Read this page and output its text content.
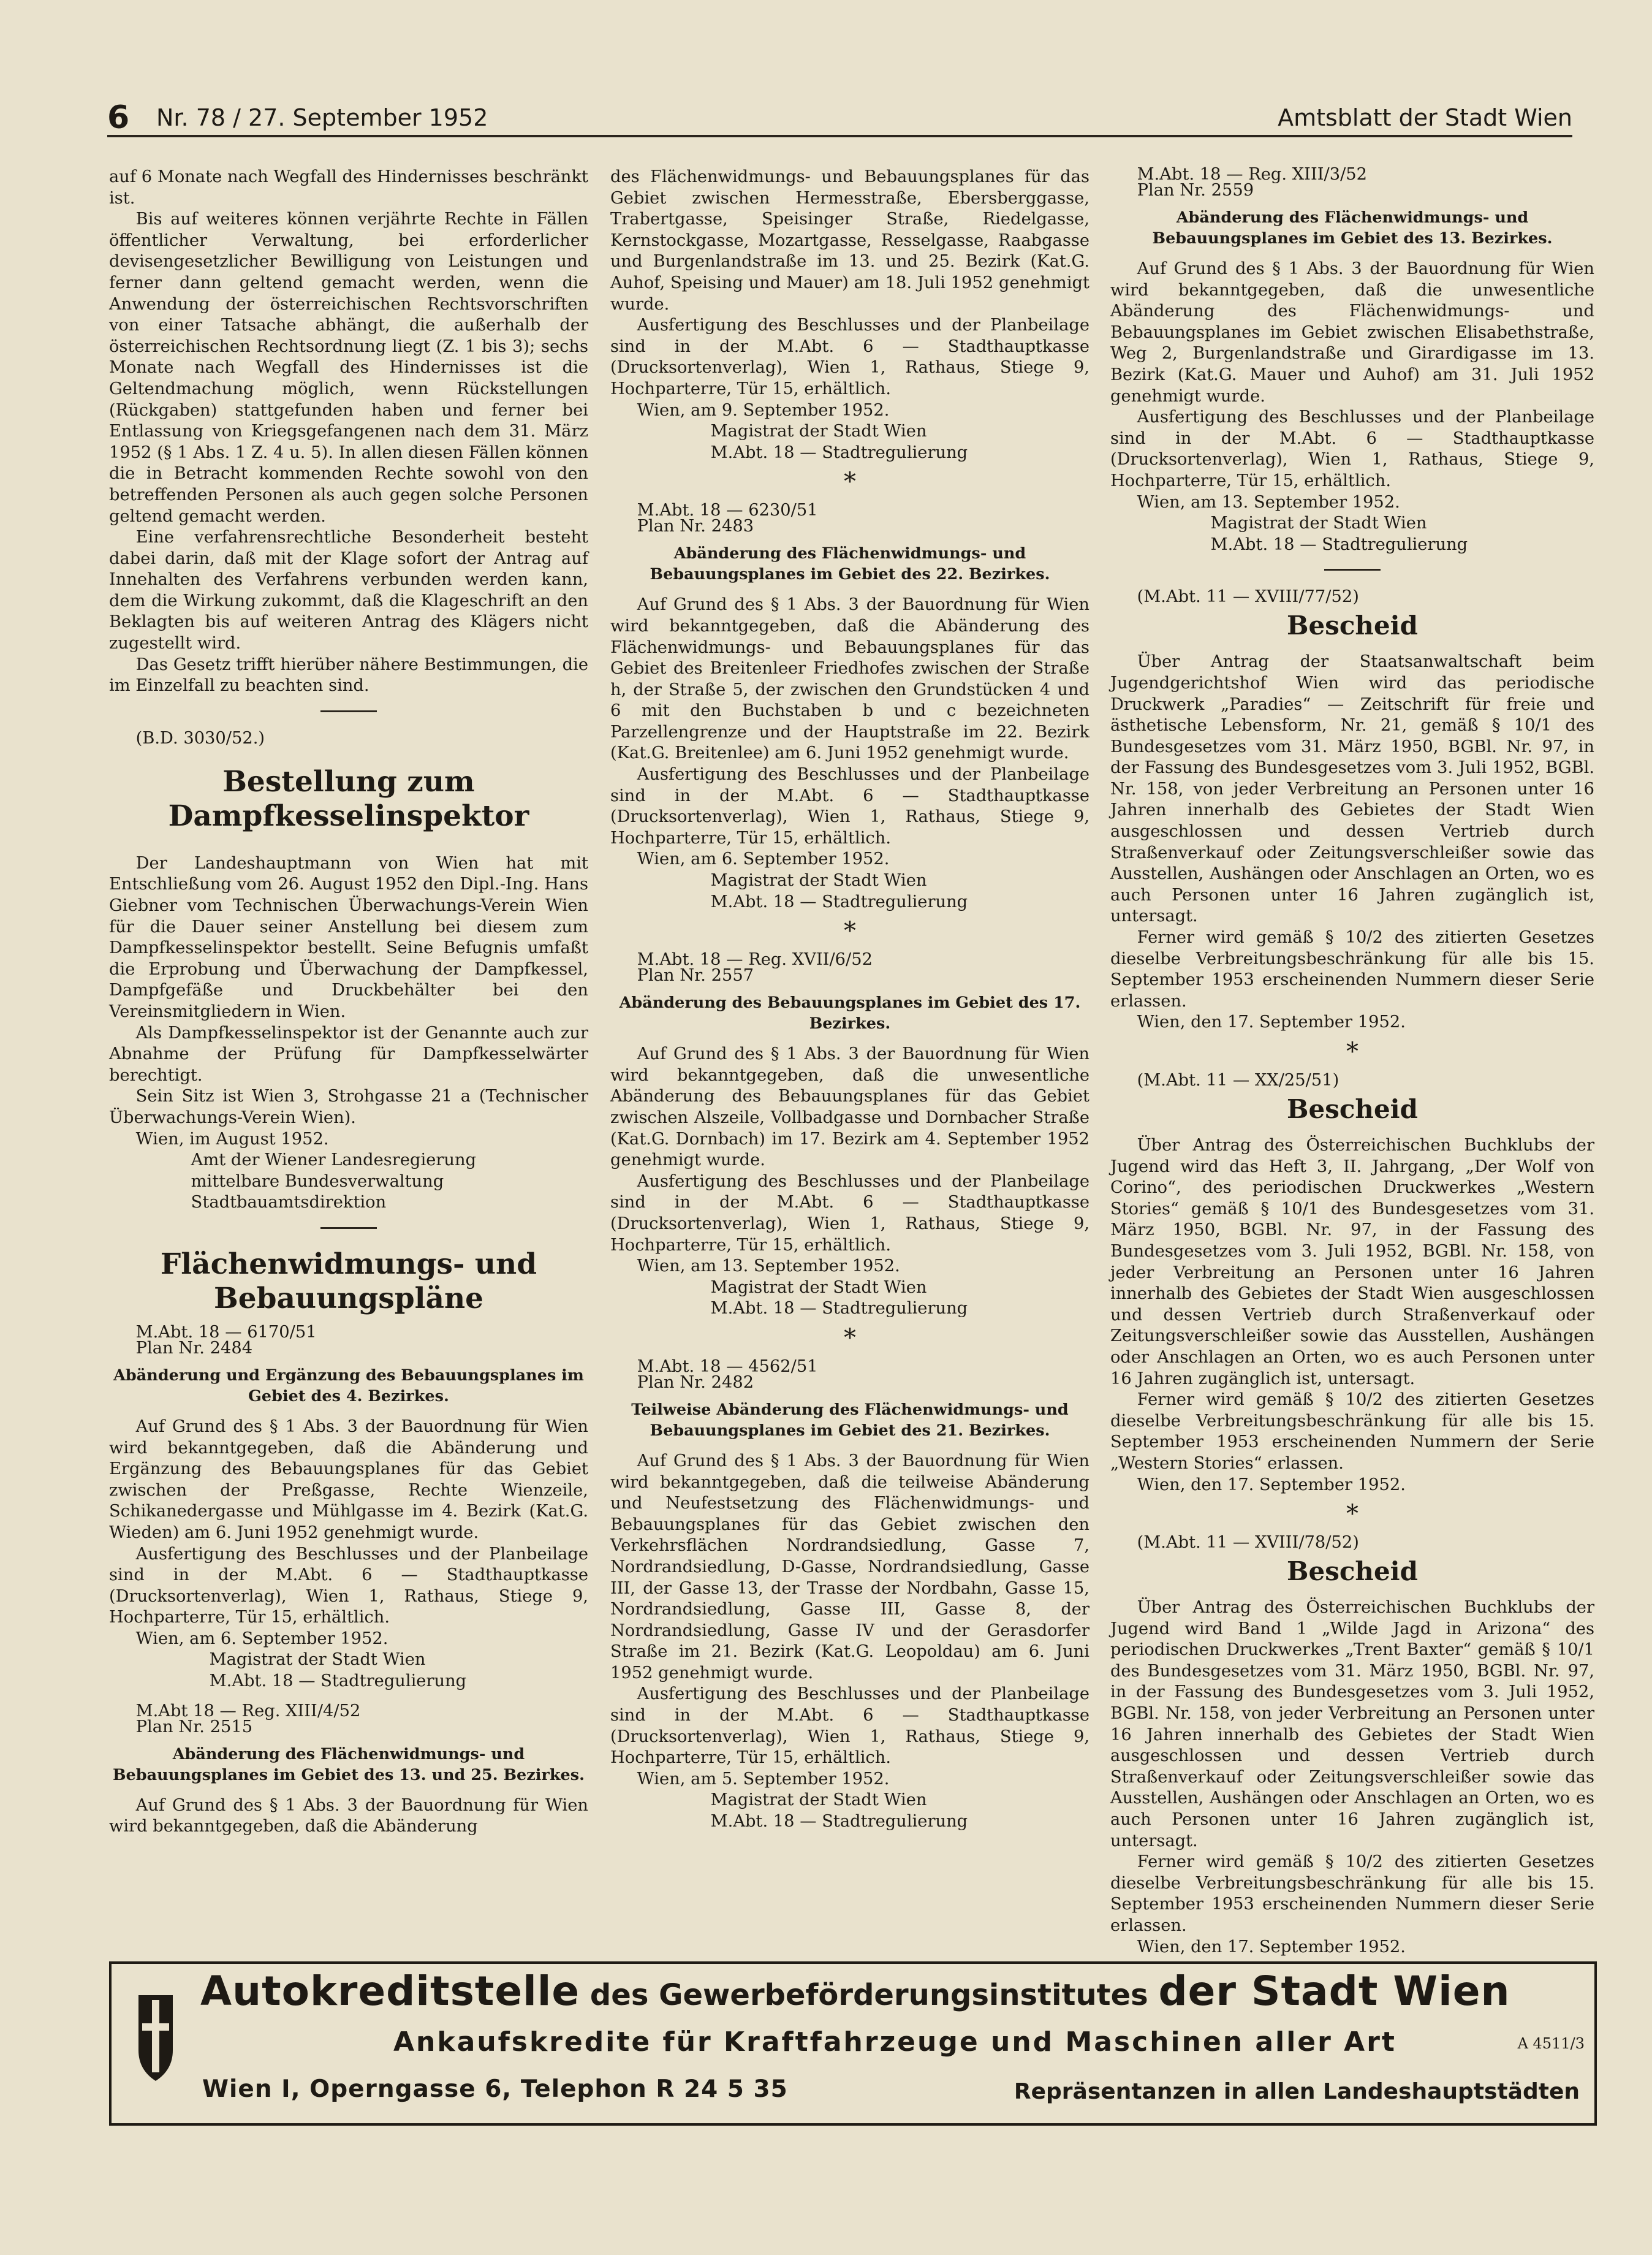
6 Nr. 78 / 27. September 1952	Amtsblatt der Stadt Wien

auf 6 Monate nach Wegfall des Hindernisses beschränkt ist.

Bis auf weiteres können verjährte Rechte in Fällen öffentlicher Verwaltung, bei erforderlicher devisengesetzlicher Bewilligung von Leistungen und ferner dann geltend gemacht werden, wenn die Anwendung der österreichischen Rechtsvorschriften von einer Tatsache abhängt, die außerhalb der österreichischen Rechtsordnung liegt (Z. 1 bis 3); sechs Monate nach Wegfall des Hindernisses ist die Geltendmachung möglich, wenn Rückstellungen (Rückgaben) stattgefunden haben und ferner bei Entlassung von Kriegsgefangenen nach dem 31. März 1952 (§ 1 Abs. 1 Z. 4 u. 5). In allen diesen Fällen können die in Betracht kommenden Rechte sowohl von den betreffenden Personen als auch gegen solche Personen geltend gemacht werden.

Eine verfahrensrechtliche Besonderheit besteht dabei darin, daß mit der Klage sofort der Antrag auf Innehalten des Verfahrens verbunden werden kann, dem die Wirkung zukommt, daß die Klageschrift an den Beklagten bis auf weiteren Antrag des Klägers nicht zugestellt wird.

Das Gesetz trifft hierüber nähere Bestimmungen, die im Einzelfall zu beachten sind.

(B.D. 3030/52.)

Bestellung zum Dampfkesselinspektor

Der Landeshauptmann von Wien hat mit Entschließung vom 26. August 1952 den Dipl.-Ing. Hans Giebner vom Technischen Überwachungs-Verein Wien für die Dauer seiner Anstellung bei diesem zum Dampfkesselinspektor bestellt. Seine Befugnis umfaßt die Erprobung und Überwachung der Dampfkessel, Dampfgefäße und Druckbehälter bei den Vereinsmitgliedern in Wien.

Als Dampfkesselinspektor ist der Genannte auch zur Abnahme der Prüfung für Dampfkesselwärter berechtigt.

Sein Sitz ist Wien 3, Strohgasse 21 a (Technischer Überwachungs-Verein Wien).

Wien, im August 1952.

Amt der Wiener Landesregierung

mittelbare Bundesverwaltung

Stadtbauamtsdirektion

Flächenwidmungs- und Bebauungspläne

M.Abt. 18 — 6170/51

Plan Nr. 2484

Abänderung und Ergänzung des Bebauungsplanes im Gebiet des 4. Bezirkes.

Auf Grund des § 1 Abs. 3 der Bauordnung für Wien wird bekanntgegeben, daß die Abänderung und Ergänzung des Bebauungsplanes für das Gebiet zwischen der Preßgasse, Rechte Wienzeile, Schikanedergasse und Mühlgasse im 4. Bezirk (Kat.G. Wieden) am 6. Juni 1952 genehmigt wurde.

Ausfertigung des Beschlusses und der Planbeilage sind in der M.Abt. 6 — Stadthauptkasse (Drucksortenverlag), Wien 1, Rathaus, Stiege 9, Hochparterre, Tür 15, erhältlich.

Wien, am 6. September 1952.

Magistrat der Stadt Wien

M.Abt. 18 — Stadtregulierung

M.Abt 18 — Reg. XIII/4/52

Plan Nr. 2515

Abänderung des Flächenwidmungs- und Bebauungsplanes im Gebiet des 13. und 25. Bezirkes.

Auf Grund des § 1 Abs. 3 der Bauordnung für Wien wird bekanntgegeben, daß die Abänderung

des Flächenwidmungs- und Bebauungsplanes für das Gebiet zwischen Hermesstraße, Ebersberggasse, Trabertgasse, Speisinger Straße, Riedelgasse, Kernstockgasse, Mozartgasse, Resselgasse, Raabgasse und Burgenlandstraße im 13. und 25. Bezirk (Kat.G. Auhof, Speising und Mauer) am 18. Juli 1952 genehmigt wurde.

Ausfertigung des Beschlusses und der Planbeilage sind in der M.Abt. 6 — Stadthauptkasse (Drucksortenverlag), Wien 1, Rathaus, Stiege 9, Hochparterre, Tür 15, erhältlich.

Wien, am 9. September 1952.

Magistrat der Stadt Wien

M.Abt. 18 — Stadtregulierung

*

M.Abt. 18 — 6230/51

Plan Nr. 2483

Abänderung des Flächenwidmungs- und Bebauungsplanes im Gebiet des 22. Bezirkes.

Auf Grund des § 1 Abs. 3 der Bauordnung für Wien wird bekanntgegeben, daß die Abänderung des Flächenwidmungs- und Bebauungsplanes für das Gebiet des Breitenleer Friedhofes zwischen der Straße h, der Straße 5, der zwischen den Grundstücken 4 und 6 mit den Buchstaben b und c bezeichneten Parzellengrenze und der Hauptstraße im 22. Bezirk (Kat.G. Breitenlee) am 6. Juni 1952 genehmigt wurde.

Ausfertigung des Beschlusses und der Planbeilage sind in der M.Abt. 6 — Stadthauptkasse (Drucksortenverlag), Wien 1, Rathaus, Stiege 9, Hochparterre, Tür 15, erhältlich.

Wien, am 6. September 1952.

Magistrat der Stadt Wien

M.Abt. 18 — Stadtregulierung

*

M.Abt. 18 — Reg. XVII/6/52

Plan Nr. 2557

Abänderung des Bebauungsplanes im Gebiet des 17. Bezirkes.

Auf Grund des § 1 Abs. 3 der Bauordnung für Wien wird bekanntgegeben, daß die unwesentliche Abänderung des Bebauungsplanes für das Gebiet zwischen Alszeile, Vollbadgasse und Dornbacher Straße (Kat.G. Dornbach) im 17. Bezirk am 4. September 1952 genehmigt wurde.

Ausfertigung des Beschlusses und der Planbeilage sind in der M.Abt. 6 — Stadthauptkasse (Drucksortenverlag), Wien 1, Rathaus, Stiege 9, Hochparterre, Tür 15, erhältlich.

Wien, am 13. September 1952.

Magistrat der Stadt Wien

M.Abt. 18 — Stadtregulierung

*

M.Abt. 18 — 4562/51

Plan Nr. 2482

Teilweise Abänderung des Flächenwidmungs- und Bebauungsplanes im Gebiet des 21. Bezirkes.

Auf Grund des § 1 Abs. 3 der Bauordnung für Wien wird bekanntgegeben, daß die teilweise Abänderung und Neufestsetzung des Flächenwidmungs- und Bebauungsplanes für das Gebiet zwischen den Verkehrsflächen Nordrandsiedlung, Gasse 7, Nordrandsiedlung, D-Gasse, Nordrandsiedlung, Gasse III, der Gasse 13, der Trasse der Nordbahn, Gasse 15, Nordrandsiedlung, Gasse III, Gasse 8, der Nordrandsiedlung, Gasse IV und der Gerasdorfer Straße im 21. Bezirk (Kat.G. Leopoldau) am 6. Juni 1952 genehmigt wurde.

Ausfertigung des Beschlusses und der Planbeilage sind in der M.Abt. 6 — Stadthauptkasse (Drucksortenverlag), Wien 1, Rathaus, Stiege 9, Hochparterre, Tür 15, erhältlich.

Wien, am 5. September 1952.

Magistrat der Stadt Wien

M.Abt. 18 — Stadtregulierung

M.Abt. 18 — Reg. XIII/3/52

Plan Nr. 2559

Abänderung des Flächenwidmungs- und Bebauungsplanes im Gebiet des 13. Bezirkes.

Auf Grund des § 1 Abs. 3 der Bauordnung für Wien wird bekanntgegeben, daß die unwesentliche Abänderung des Flächenwidmungs- und Bebauungsplanes im Gebiet zwischen Elisabethstraße, Weg 2, Burgenlandstraße und Girardigasse im 13. Bezirk (Kat.G. Mauer und Auhof) am 31. Juli 1952 genehmigt wurde.

Ausfertigung des Beschlusses und der Planbeilage sind in der M.Abt. 6 — Stadthauptkasse (Drucksortenverlag), Wien 1, Rathaus, Stiege 9, Hochparterre, Tür 15, erhältlich.

Wien, am 13. September 1952.

Magistrat der Stadt Wien

M.Abt. 18 — Stadtregulierung

(M.Abt. 11 — XVIII/77/52)

Bescheid

Über Antrag der Staatsanwaltschaft beim Jugendgerichtshof Wien wird das periodische Druckwerk „Paradies“ — Zeitschrift für freie und ästhetische Lebensform, Nr. 21, gemäß § 10/1 des Bundesgesetzes vom 31. März 1950, BGBl. Nr. 97, in der Fassung des Bundesgesetzes vom 3. Juli 1952, BGBl. Nr. 158, von jeder Verbreitung an Personen unter 16 Jahren innerhalb des Gebietes der Stadt Wien ausgeschlossen und dessen Vertrieb durch Straßenverkauf oder Zeitungsverschleißer sowie das Ausstellen, Aushängen oder Anschlagen an Orten, wo es auch Personen unter 16 Jahren zugänglich ist, untersagt.

Ferner wird gemäß § 10/2 des zitierten Gesetzes dieselbe Verbreitungsbeschränkung für alle bis 15. September 1953 erscheinenden Nummern dieser Serie erlassen.

Wien, den 17. September 1952.

*

(M.Abt. 11 — XX/25/51)

Bescheid

Über Antrag des Österreichischen Buchklubs der Jugend wird das Heft 3, II. Jahrgang, „Der Wolf von Corino“, des periodischen Druckwerkes „Western Stories“ gemäß § 10/1 des Bundesgesetzes vom 31. März 1950, BGBl. Nr. 97, in der Fassung des Bundesgesetzes vom 3. Juli 1952, BGBl. Nr. 158, von jeder Verbreitung an Personen unter 16 Jahren innerhalb des Gebietes der Stadt Wien ausgeschlossen und dessen Vertrieb durch Straßenverkauf oder Zeitungsverschleißer sowie das Ausstellen, Aushängen oder Anschlagen an Orten, wo es auch Personen unter 16 Jahren zugänglich ist, untersagt.

Ferner wird gemäß § 10/2 des zitierten Gesetzes dieselbe Verbreitungsbeschränkung für alle bis 15. September 1953 erscheinenden Nummern der Serie „Western Stories“ erlassen.

Wien, den 17. September 1952.

*

(M.Abt. 11 — XVIII/78/52)

Bescheid

Über Antrag des Österreichischen Buchklubs der Jugend wird Band 1 „Wilde Jagd in Arizona“ des periodischen Druckwerkes „Trent Baxter“ gemäß § 10/1 des Bundesgesetzes vom 31. März 1950, BGBl. Nr. 97, in der Fassung des Bundesgesetzes vom 3. Juli 1952, BGBl. Nr. 158, von jeder Verbreitung an Personen unter 16 Jahren innerhalb des Gebietes der Stadt Wien ausgeschlossen und dessen Vertrieb durch Straßenverkauf oder Zeitungsverschleißer sowie das Ausstellen, Aushängen oder Anschlagen an Orten, wo es auch Personen unter 16 Jahren zugänglich ist, untersagt.

Ferner wird gemäß § 10/2 des zitierten Gesetzes dieselbe Verbreitungsbeschränkung für alle bis 15. September 1953 erscheinenden Nummern dieser Serie erlassen.

Wien, den 17. September 1952.

Autokreditstelle des Gewerbeförderungsinstitutes der Stadt Wien
Ankaufskredite für Kraftfahrzeuge und Maschinen aller Art	A 4511/3
Wien I, Operngasse 6, Telephon R 24 5 35	Repräsentanzen in allen Landeshauptstädten
